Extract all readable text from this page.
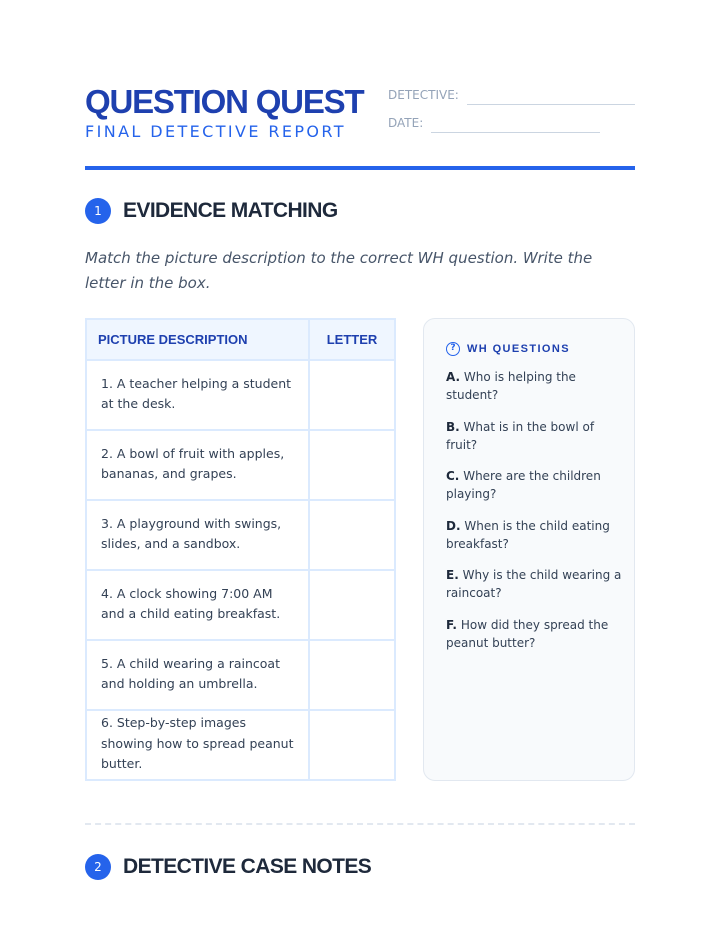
QUESTION QUEST
FINAL DETECTIVE REPORT
DETECTIVE:
DATE:
1	EVIDENCE MATCHING
Match the picture description to the correct WH question. Write the letter in the box.
PICTURE DESCRIPTION	LETTER
1. A teacher helping a student at the desk.	
2. A bowl of fruit with apples, bananas, and grapes.	
3. A playground with swings, slides, and a sandbox.	
4. A clock showing 7:00 AM and a child eating breakfast.	
5. A child wearing a raincoat and holding an umbrella.	
6. Step-by-step images showing how to spread peanut butter.	
?	WH QUESTIONS
A. Who is helping the student?
B. What is in the bowl of fruit?
C. Where are the children playing?
D. When is the child eating breakfast?
E. Why is the child wearing a raincoat?
F. How did they spread the peanut butter?
2	DETECTIVE CASE NOTES
